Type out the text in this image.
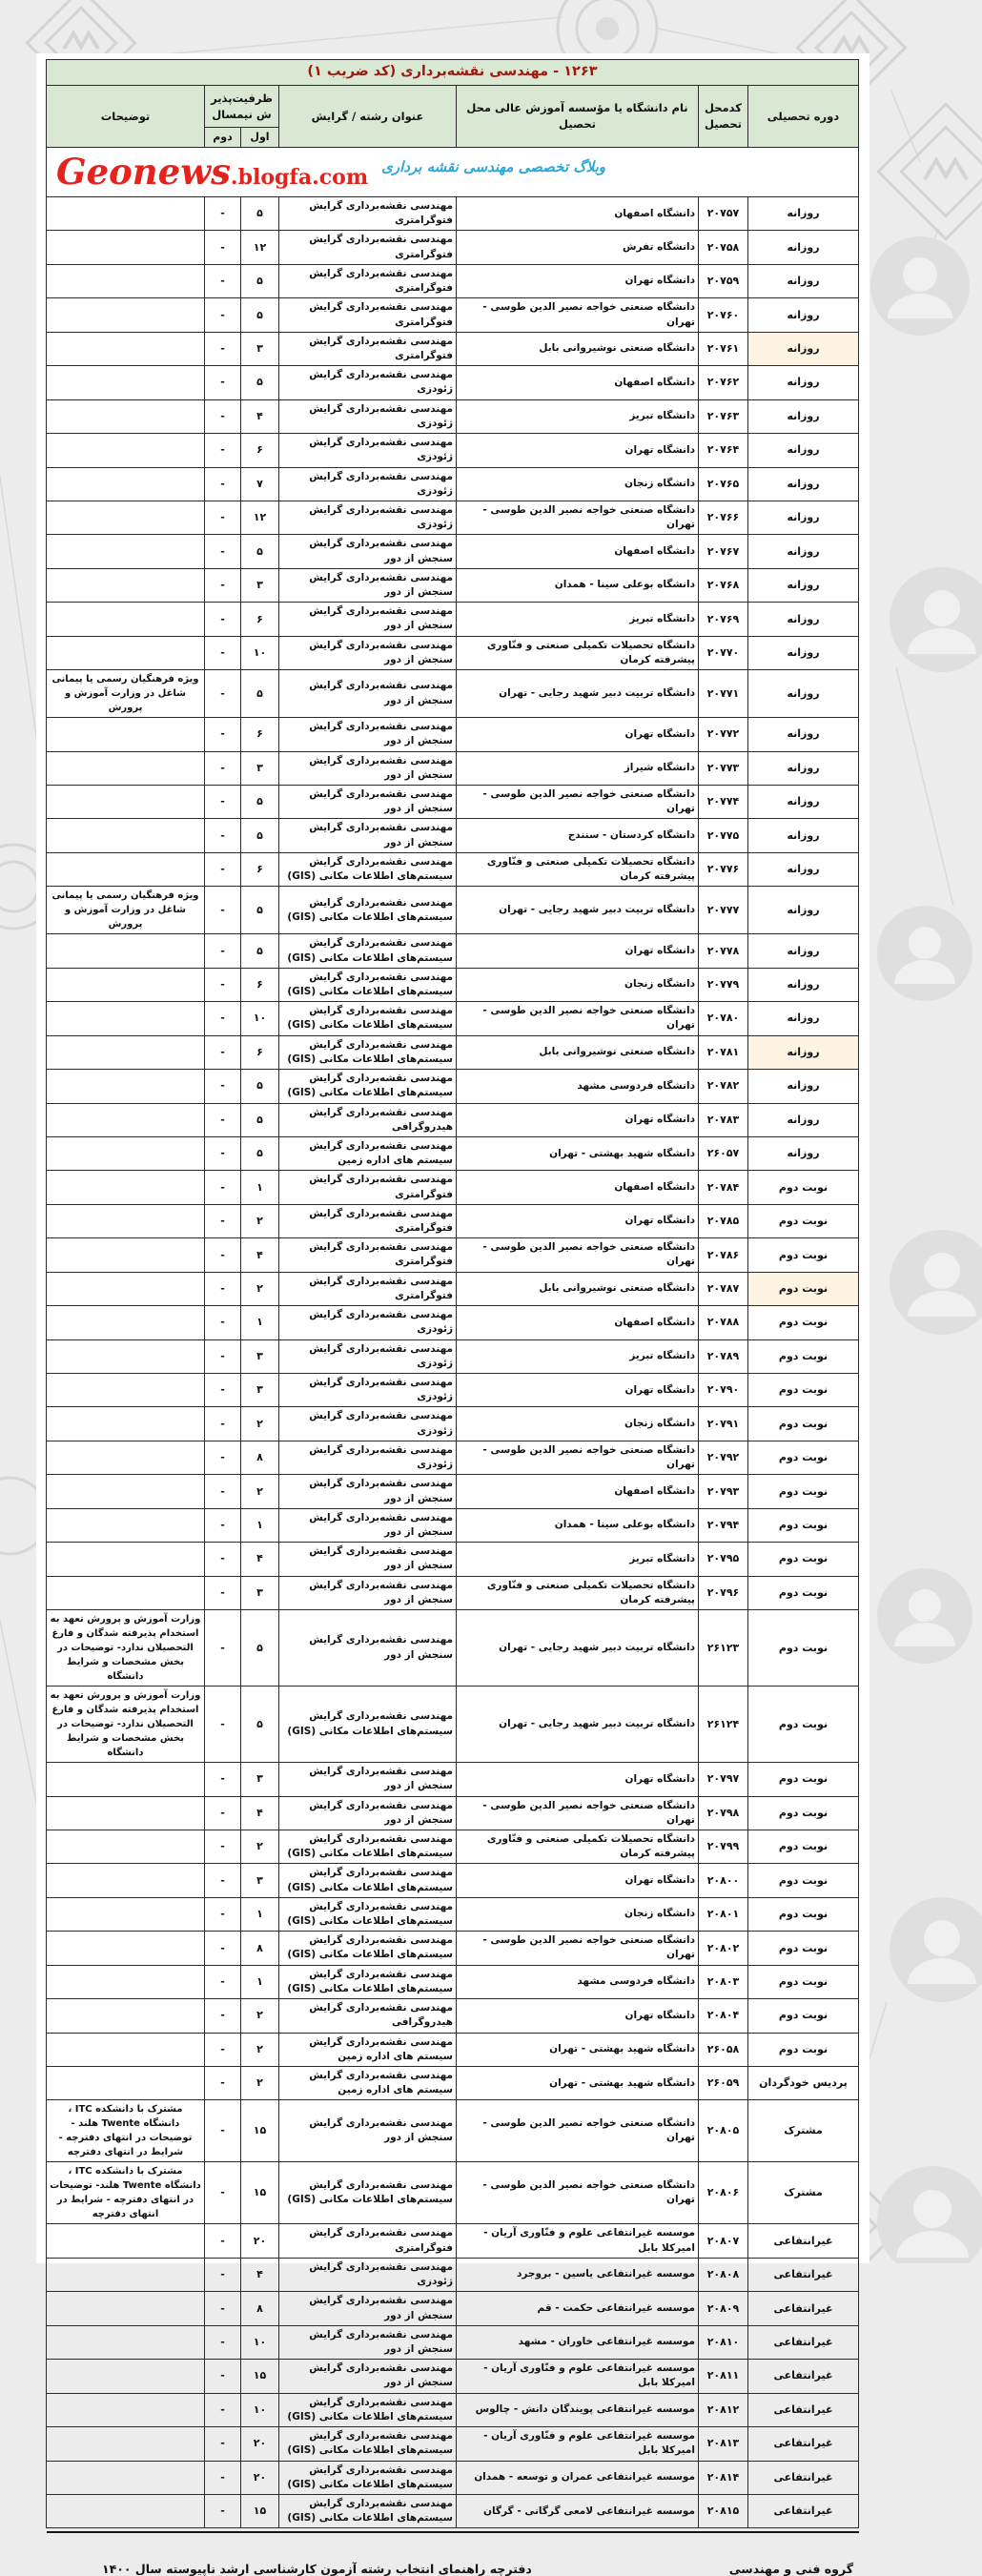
۱۲۶۳ - مهندسی نقشه‌برداری (کد ضریب ۱)						
دوره تحصیلی	کدمحل تحصیل	نام دانشگاه یا مؤسسه آموزش عالی محل تحصیل	عنوان رشته / گرایش	ظرفیت‌پذیرش نیمسال		توضیحات
				اول	دوم	

Geonews.blogfa.com وبلاگ تخصصی مهندسی نقشه برداری						

روزانه	۲۰۷۵۷	دانشگاه اصفهان	مهندسی نقشه‌برداری گرایش فتوگرامتری	۵	-	
روزانه	۲۰۷۵۸	دانشگاه تفرش	مهندسی نقشه‌برداری گرایش فتوگرامتری	۱۲	-	
روزانه	۲۰۷۵۹	دانشگاه تهران	مهندسی نقشه‌برداری گرایش فتوگرامتری	۵	-	
روزانه	۲۰۷۶۰	دانشگاه صنعتی خواجه نصیر الدین طوسی - تهران	مهندسی نقشه‌برداری گرایش فتوگرامتری	۵	-	
روزانه	۲۰۷۶۱	دانشگاه صنعتی نوشیروانی بابل	مهندسی نقشه‌برداری گرایش فتوگرامتری	۳	-	
روزانه	۲۰۷۶۲	دانشگاه اصفهان	مهندسی نقشه‌برداری گرایش ژئودزی	۵	-	
روزانه	۲۰۷۶۳	دانشگاه تبریز	مهندسی نقشه‌برداری گرایش ژئودزی	۴	-	
روزانه	۲۰۷۶۴	دانشگاه تهران	مهندسی نقشه‌برداری گرایش ژئودزی	۶	-	
روزانه	۲۰۷۶۵	دانشگاه زنجان	مهندسی نقشه‌برداری گرایش ژئودزی	۷	-	
روزانه	۲۰۷۶۶	دانشگاه صنعتی خواجه نصیر الدین طوسی - تهران	مهندسی نقشه‌برداری گرایش ژئودزی	۱۲	-	
روزانه	۲۰۷۶۷	دانشگاه اصفهان	مهندسی نقشه‌برداری گرایش سنجش از دور	۵	-	
روزانه	۲۰۷۶۸	دانشگاه بوعلی سینا - همدان	مهندسی نقشه‌برداری گرایش سنجش از دور	۳	-	
روزانه	۲۰۷۶۹	دانشگاه تبریز	مهندسی نقشه‌برداری گرایش سنجش از دور	۶	-	
روزانه	۲۰۷۷۰	دانشگاه تحصیلات تکمیلی صنعتی و فنّاوری پیشرفته کرمان	مهندسی نقشه‌برداری گرایش سنجش از دور	۱۰	-	
روزانه	۲۰۷۷۱	دانشگاه تربیت دبیر شهید رجایی - تهران	مهندسی نقشه‌برداری گرایش سنجش از دور	۵	-	ویژه فرهنگیان رسمی یا پیمانی شاغل در وزارت آموزش و پرورش
روزانه	۲۰۷۷۲	دانشگاه تهران	مهندسی نقشه‌برداری گرایش سنجش از دور	۶	-	
روزانه	۲۰۷۷۳	دانشگاه شیراز	مهندسی نقشه‌برداری گرایش سنجش از دور	۳	-	
روزانه	۲۰۷۷۴	دانشگاه صنعتی خواجه نصیر الدین طوسی - تهران	مهندسی نقشه‌برداری گرایش سنجش از دور	۵	-	
روزانه	۲۰۷۷۵	دانشگاه کردستان - سنندج	مهندسی نقشه‌برداری گرایش سنجش از دور	۵	-	
روزانه	۲۰۷۷۶	دانشگاه تحصیلات تکمیلی صنعتی و فنّاوری پیشرفته کرمان	مهندسی نقشه‌برداری گرایش سیستم‌های اطلاعات مکانی (GIS)	۶	-	
روزانه	۲۰۷۷۷	دانشگاه تربیت دبیر شهید رجایی - تهران	مهندسی نقشه‌برداری گرایش سیستم‌های اطلاعات مکانی (GIS)	۵	-	ویژه فرهنگیان رسمی یا پیمانی شاغل در وزارت آموزش و پرورش
روزانه	۲۰۷۷۸	دانشگاه تهران	مهندسی نقشه‌برداری گرایش سیستم‌های اطلاعات مکانی (GIS)	۵	-	
روزانه	۲۰۷۷۹	دانشگاه زنجان	مهندسی نقشه‌برداری گرایش سیستم‌های اطلاعات مکانی (GIS)	۶	-	
روزانه	۲۰۷۸۰	دانشگاه صنعتی خواجه نصیر الدین طوسی - تهران	مهندسی نقشه‌برداری گرایش سیستم‌های اطلاعات مکانی (GIS)	۱۰	-	
روزانه	۲۰۷۸۱	دانشگاه صنعتی نوشیروانی بابل	مهندسی نقشه‌برداری گرایش سیستم‌های اطلاعات مکانی (GIS)	۶	-	
روزانه	۲۰۷۸۲	دانشگاه فردوسی مشهد	مهندسی نقشه‌برداری گرایش سیستم‌های اطلاعات مکانی (GIS)	۵	-	
روزانه	۲۰۷۸۳	دانشگاه تهران	مهندسی نقشه‌برداری گرایش هیدروگرافی	۵	-	
روزانه	۲۶۰۵۷	دانشگاه شهید بهشتی - تهران	مهندسی نقشه‌برداری گرایش سیستم های اداره زمین	۵	-	
نوبت دوم	۲۰۷۸۴	دانشگاه اصفهان	مهندسی نقشه‌برداری گرایش فتوگرامتری	۱	-	
نوبت دوم	۲۰۷۸۵	دانشگاه تهران	مهندسی نقشه‌برداری گرایش فتوگرامتری	۲	-	
نوبت دوم	۲۰۷۸۶	دانشگاه صنعتی خواجه نصیر الدین طوسی - تهران	مهندسی نقشه‌برداری گرایش فتوگرامتری	۴	-	
نوبت دوم	۲۰۷۸۷	دانشگاه صنعتی نوشیروانی بابل	مهندسی نقشه‌برداری گرایش فتوگرامتری	۲	-	
نوبت دوم	۲۰۷۸۸	دانشگاه اصفهان	مهندسی نقشه‌برداری گرایش ژئودزی	۱	-	
نوبت دوم	۲۰۷۸۹	دانشگاه تبریز	مهندسی نقشه‌برداری گرایش ژئودزی	۳	-	
نوبت دوم	۲۰۷۹۰	دانشگاه تهران	مهندسی نقشه‌برداری گرایش ژئودزی	۳	-	
نوبت دوم	۲۰۷۹۱	دانشگاه زنجان	مهندسی نقشه‌برداری گرایش ژئودزی	۲	-	
نوبت دوم	۲۰۷۹۲	دانشگاه صنعتی خواجه نصیر الدین طوسی - تهران	مهندسی نقشه‌برداری گرایش ژئودزی	۸	-	
نوبت دوم	۲۰۷۹۳	دانشگاه اصفهان	مهندسی نقشه‌برداری گرایش سنجش از دور	۲	-	
نوبت دوم	۲۰۷۹۴	دانشگاه بوعلی سینا - همدان	مهندسی نقشه‌برداری گرایش سنجش از دور	۱	-	
نوبت دوم	۲۰۷۹۵	دانشگاه تبریز	مهندسی نقشه‌برداری گرایش سنجش از دور	۴	-	
نوبت دوم	۲۰۷۹۶	دانشگاه تحصیلات تکمیلی صنعتی و فنّاوری پیشرفته کرمان	مهندسی نقشه‌برداری گرایش سنجش از دور	۳	-	
نوبت دوم	۲۶۱۲۳	دانشگاه تربیت دبیر شهید رجایی - تهران	مهندسی نقشه‌برداری گرایش سنجش از دور	۵	-	وزارت آموزش و پرورش تعهد به استخدام پذیرفته شدگان و فارغ التحصیلان ندارد- توضیحات در بخش مشخصات و شرایط دانشگاه
نوبت دوم	۲۶۱۲۴	دانشگاه تربیت دبیر شهید رجایی - تهران	مهندسی نقشه‌برداری گرایش سیستم‌های اطلاعات مکانی (GIS)	۵	-	وزارت آموزش و پرورش تعهد به استخدام پذیرفته شدگان و فارغ التحصیلان ندارد- توضیحات در بخش مشخصات و شرایط دانشگاه
نوبت دوم	۲۰۷۹۷	دانشگاه تهران	مهندسی نقشه‌برداری گرایش سنجش از دور	۳	-	
نوبت دوم	۲۰۷۹۸	دانشگاه صنعتی خواجه نصیر الدین طوسی - تهران	مهندسی نقشه‌برداری گرایش سنجش از دور	۴	-	
نوبت دوم	۲۰۷۹۹	دانشگاه تحصیلات تکمیلی صنعتی و فنّاوری پیشرفته کرمان	مهندسی نقشه‌برداری گرایش سیستم‌های اطلاعات مکانی (GIS)	۲	-	
نوبت دوم	۲۰۸۰۰	دانشگاه تهران	مهندسی نقشه‌برداری گرایش سیستم‌های اطلاعات مکانی (GIS)	۳	-	
نوبت دوم	۲۰۸۰۱	دانشگاه زنجان	مهندسی نقشه‌برداری گرایش سیستم‌های اطلاعات مکانی (GIS)	۱	-	
نوبت دوم	۲۰۸۰۲	دانشگاه صنعتی خواجه نصیر الدین طوسی - تهران	مهندسی نقشه‌برداری گرایش سیستم‌های اطلاعات مکانی (GIS)	۸	-	
نوبت دوم	۲۰۸۰۳	دانشگاه فردوسی مشهد	مهندسی نقشه‌برداری گرایش سیستم‌های اطلاعات مکانی (GIS)	۱	-	
نوبت دوم	۲۰۸۰۴	دانشگاه تهران	مهندسی نقشه‌برداری گرایش هیدروگرافی	۲	-	
نوبت دوم	۲۶۰۵۸	دانشگاه شهید بهشتی - تهران	مهندسی نقشه‌برداری گرایش سیستم های اداره زمین	۲	-	
پردیس خودگردان	۲۶۰۵۹	دانشگاه شهید بهشتی - تهران	مهندسی نقشه‌برداری گرایش سیستم های اداره زمین	۲	-	
مشترک	۲۰۸۰۵	دانشگاه صنعتی خواجه نصیر الدین طوسی - تهران	مهندسی نقشه‌برداری گرایش سنجش از دور	۱۵	-	مشترک با دانشکده ITC ، دانشگاه Twente هلند - توضیحات در انتهای دفترچه - شرایط در انتهای دفترچه
مشترک	۲۰۸۰۶	دانشگاه صنعتی خواجه نصیر الدین طوسی - تهران	مهندسی نقشه‌برداری گرایش سیستم‌های اطلاعات مکانی (GIS)	۱۵	-	مشترک با دانشکده ITC ، دانشگاه Twente هلند- توضیحات در انتهای دفترچه - شرایط در انتهای دفترچه
غیرانتفاعی	۲۰۸۰۷	موسسه غیرانتفاعی علوم و فنّاوری آریان - امیرکلا بابل	مهندسی نقشه‌برداری گرایش فتوگرامتری	۲۰	-	
غیرانتفاعی	۲۰۸۰۸	موسسه غیرانتفاعی یاسین - بروجرد	مهندسی نقشه‌برداری گرایش ژئودزی	۴	-	
غیرانتفاعی	۲۰۸۰۹	موسسه غیرانتفاعی حکمت - قم	مهندسی نقشه‌برداری گرایش سنجش از دور	۸	-	
غیرانتفاعی	۲۰۸۱۰	موسسه غیرانتفاعی خاوران - مشهد	مهندسی نقشه‌برداری گرایش سنجش از دور	۱۰	-	
غیرانتفاعی	۲۰۸۱۱	موسسه غیرانتفاعی علوم و فنّاوری آریان - امیرکلا بابل	مهندسی نقشه‌برداری گرایش سنجش از دور	۱۵	-	
غیرانتفاعی	۲۰۸۱۲	موسسه غیرانتفاعی پویندگان دانش - چالوس	مهندسی نقشه‌برداری گرایش سیستم‌های اطلاعات مکانی (GIS)	۱۰	-	
غیرانتفاعی	۲۰۸۱۳	موسسه غیرانتفاعی علوم و فنّاوری آریان - امیرکلا بابل	مهندسی نقشه‌برداری گرایش سیستم‌های اطلاعات مکانی (GIS)	۲۰	-	
غیرانتفاعی	۲۰۸۱۴	موسسه غیرانتفاعی عمران و توسعه - همدان	مهندسی نقشه‌برداری گرایش سیستم‌های اطلاعات مکانی (GIS)	۲۰	-	
غیرانتفاعی	۲۰۸۱۵	موسسه غیرانتفاعی لامعی گرگانی - گرگان	مهندسی نقشه‌برداری گرایش سیستم‌های اطلاعات مکانی (GIS)	۱۵	-	
گروه فنی و مهندسی
دفترچه راهنمای انتخاب رشته آزمون کارشناسی ارشد ناپیوسته سال ۱۴۰۰
